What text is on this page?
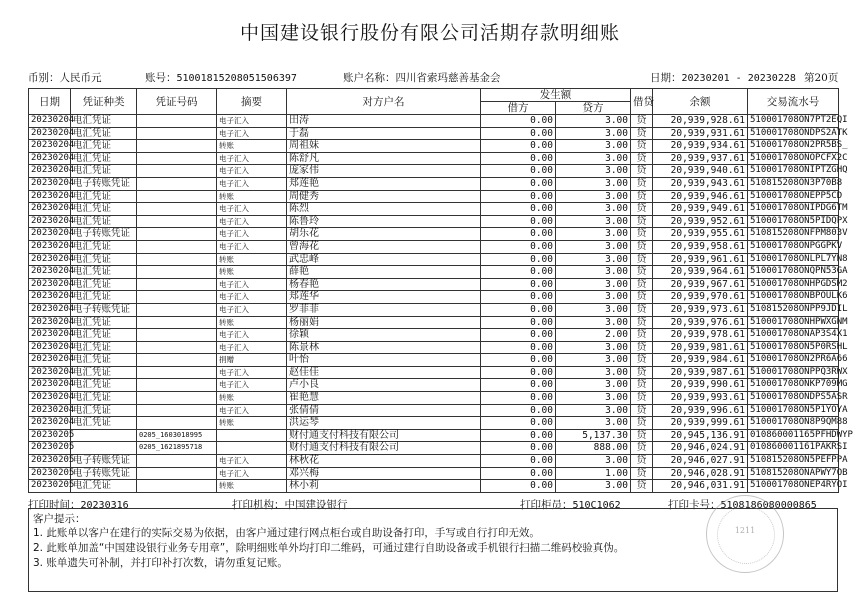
中国建设银行股份有限公司活期存款明细账
币别：人民币元	账号：51001815208051506397	账户名称：四川省索玛慈善基金会	日期：20230201 - 20230228 第20页
日期	凭证种类	凭证号码	摘要	对方户名	发生额		借贷	余额	交易流水号
					借方	贷方			
20230204	电汇凭证		电子汇入	田涛	0.00	3.00	贷	20,939,928.61	510001708ON7PT2EQI
20230204	电汇凭证		电子汇入	于磊	0.00	3.00	贷	20,939,931.61	510001708ONDPS2ATK
20230204	电汇凭证		转账	周祖妹	0.00	3.00	贷	20,939,934.61	510001708ON2PR5BS_
20230204	电汇凭证		电子汇入	陈舒凡	0.00	3.00	贷	20,939,937.61	510001708ONOPCFX2C
20230204	电汇凭证		电子汇入	庞家伟	0.00	3.00	贷	20,939,940.61	510001708ONIPTZGHQ
20230204	电子转账凭证		电子汇入	郑莲艳	0.00	3.00	贷	20,939,943.61	510815208ON3P70B8
20230204	电汇凭证		转账	周健秀	0.00	3.00	贷	20,939,946.61	510001708ONEPP5CD
20230204	电汇凭证		电子汇入	陈烈	0.00	3.00	贷	20,939,949.61	510001708ONIPDG6TM
20230204	电汇凭证		电子汇入	陈鲁玲	0.00	3.00	贷	20,939,952.61	510001708ON5PIDQPX
20230204	电子转账凭证		电子汇入	胡乐花	0.00	3.00	贷	20,939,955.61	510815208ONFPM803V
20230204	电汇凭证		电子汇入	曾海花	0.00	3.00	贷	20,939,958.61	510001708ONPGGPKV
20230204	电汇凭证		转账	武忠峰	0.00	3.00	贷	20,939,961.61	510001708ONLPL7YN8
20230204	电汇凭证		转账	薛艳	0.00	3.00	贷	20,939,964.61	510001708ONQPN53GA
20230204	电汇凭证		电子汇入	杨春艳	0.00	3.00	贷	20,939,967.61	510001708ONHPGDSM2
20230204	电汇凭证		电子汇入	郑莲华	0.00	3.00	贷	20,939,970.61	510001708ONBPOULK6
20230204	电子转账凭证		电子汇入	罗菲菲	0.00	3.00	贷	20,939,973.61	510815208ONPP9JDIL
20230204	电汇凭证		转账	杨丽娟	0.00	3.00	贷	20,939,976.61	510001708ONHPWXGNM
20230204	电汇凭证		电子汇入	徐颖	0.00	2.00	贷	20,939,978.61	510001708ONAP3S4X1
20230204	电汇凭证		电子汇入	陈景林	0.00	3.00	贷	20,939,981.61	510001708ON5P0RSHL
20230204	电汇凭证		捐赠	叶怡	0.00	3.00	贷	20,939,984.61	510001708ON2PR6A66
20230204	电汇凭证		电子汇入	赵佳佳	0.00	3.00	贷	20,939,987.61	510001708ONPPQ3RWX
20230204	电汇凭证		电子汇入	卢小良	0.00	3.00	贷	20,939,990.61	510001708ONKP709MG
20230204	电汇凭证		转账	崔艳慧	0.00	3.00	贷	20,939,993.61	510001708ONDPS5ASR
20230204	电汇凭证		电子汇入	张倩倩	0.00	3.00	贷	20,939,996.61	510001708ON5P1YOYA
20230204	电汇凭证		转账	洪运琴	0.00	3.00	贷	20,939,999.61	510001708ON8P9QM88
20230205		0205_1603018995		财付通支付科技有限公司	0.00	5,137.30	贷	20,945,136.91	010860001165PFHDWYP
20230205		0205_1621895718		财付通支付科技有限公司	0.00	888.00	贷	20,946,024.91	010860001161PAKRSI
20230205	电子转账凭证		电子汇入	林秋花	0.00	3.00	贷	20,946,027.91	510815208ON5PEFPPA
20230205	电子转账凭证		电子汇入	邓兴梅	0.00	1.00	贷	20,946,028.91	510815208ONAPWY7OB
20230205	电汇凭证		转账	林小莉	0.00	3.00	贷	20,946,031.91	510001708ONEP4RYOI
打印时间：20230316	打印机构：中国建设银行	打印柜员：510C1062	打印卡号：5108186080000865
客户提示：
1. 此账单以客户在建行的实际交易为依据，由客户通过建行网点柜台或自助设备打印，手写或自行打印无效。
2. 此账单加盖“中国建设银行业务专用章”，除明细账单外均打印二维码，可通过建行自助设备或手机银行扫描二维码校验真伪。
3. 账单遗失可补制，并打印补打次数，请勿重复记账。
1211
